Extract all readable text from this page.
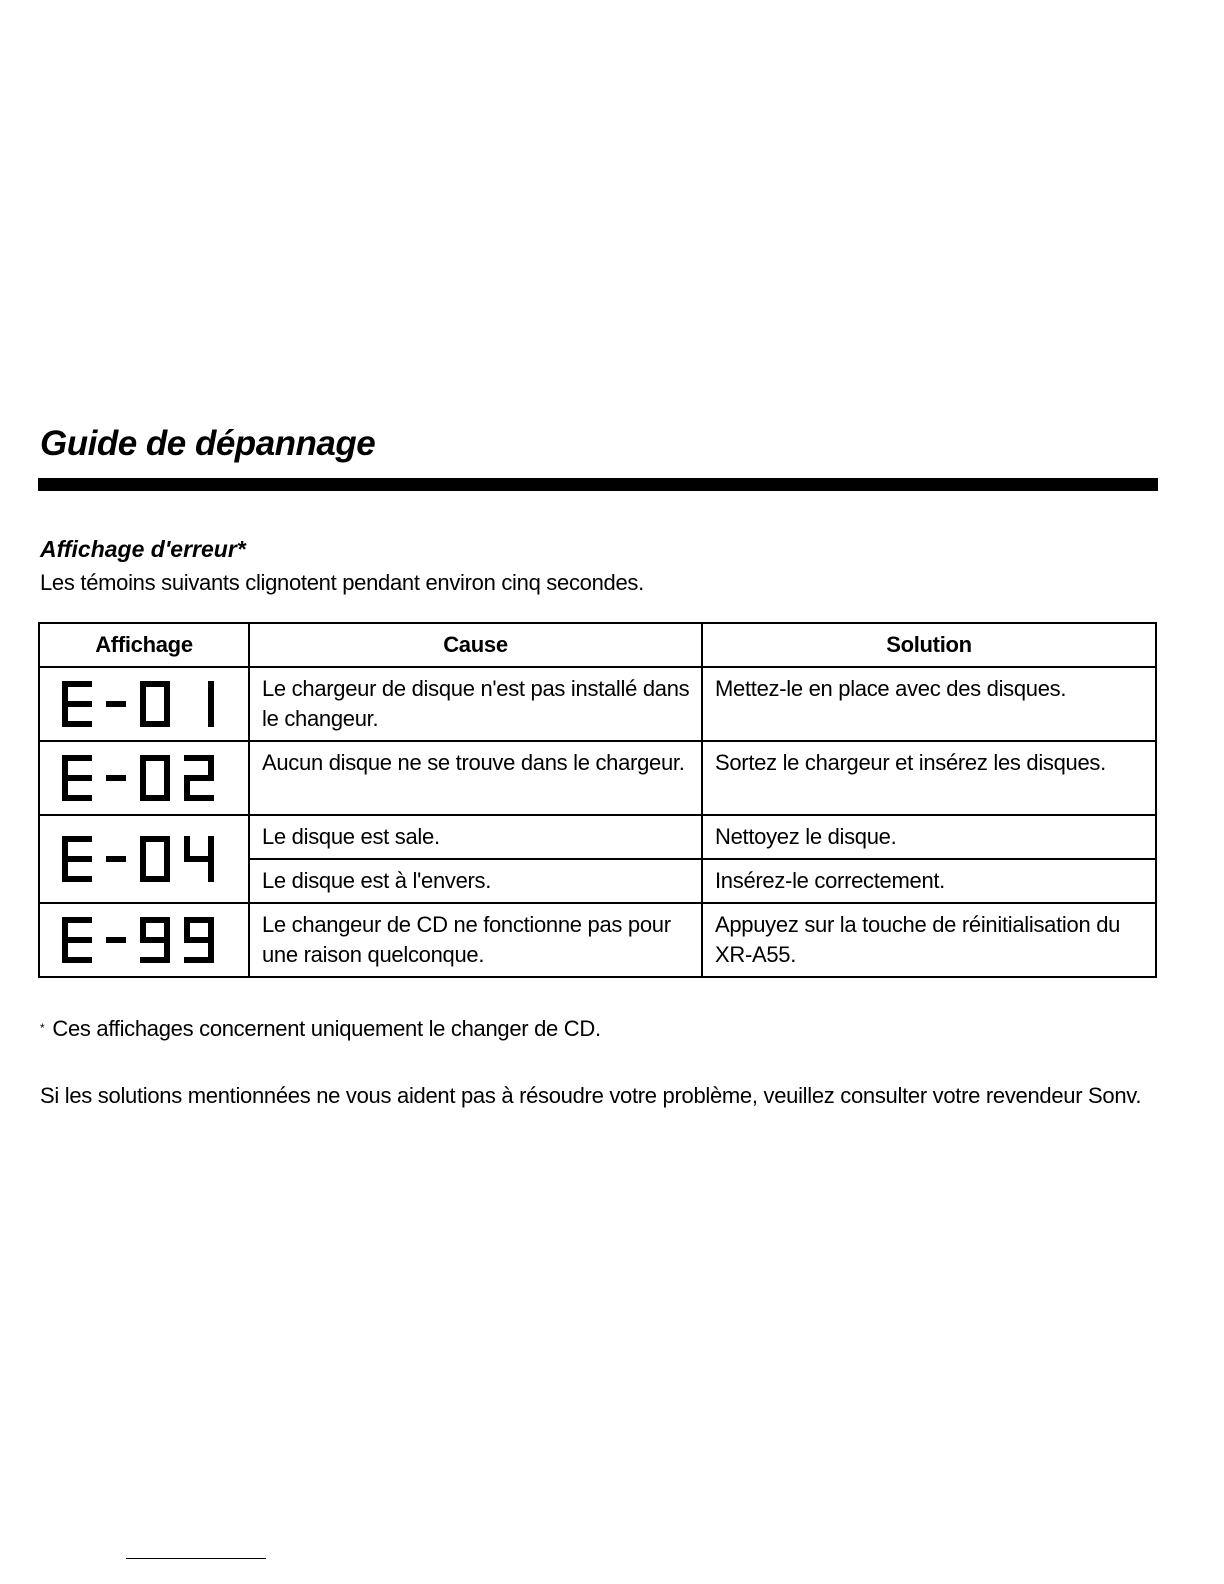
Guide de dépannage
Affichage d'erreur*

Les témoins suivants clignotent pendant environ cinq secondes.

Affichage	Cause	Solution

	Le chargeur de disque n'est pas installé dans le changeur.	Mettez-le en place avec des disques.

	Aucun disque ne se trouve dans le chargeur.	Sortez le chargeur et insérez les disques.

	Le disque est sale.	Nettoyez le disque.
	Le disque est à l'envers.	Insérez-le correctement.

	Le changeur de CD ne fonctionne pas pour une raison quelconque.	Appuyez sur la touche de réinitialisation du XR-A55.

* Ces affichages concernent uniquement le changer de CD.

Si les solutions mentionnées ne vous aident pas à résoudre votre problème, veuillez consulter votre revendeur Sonv.
